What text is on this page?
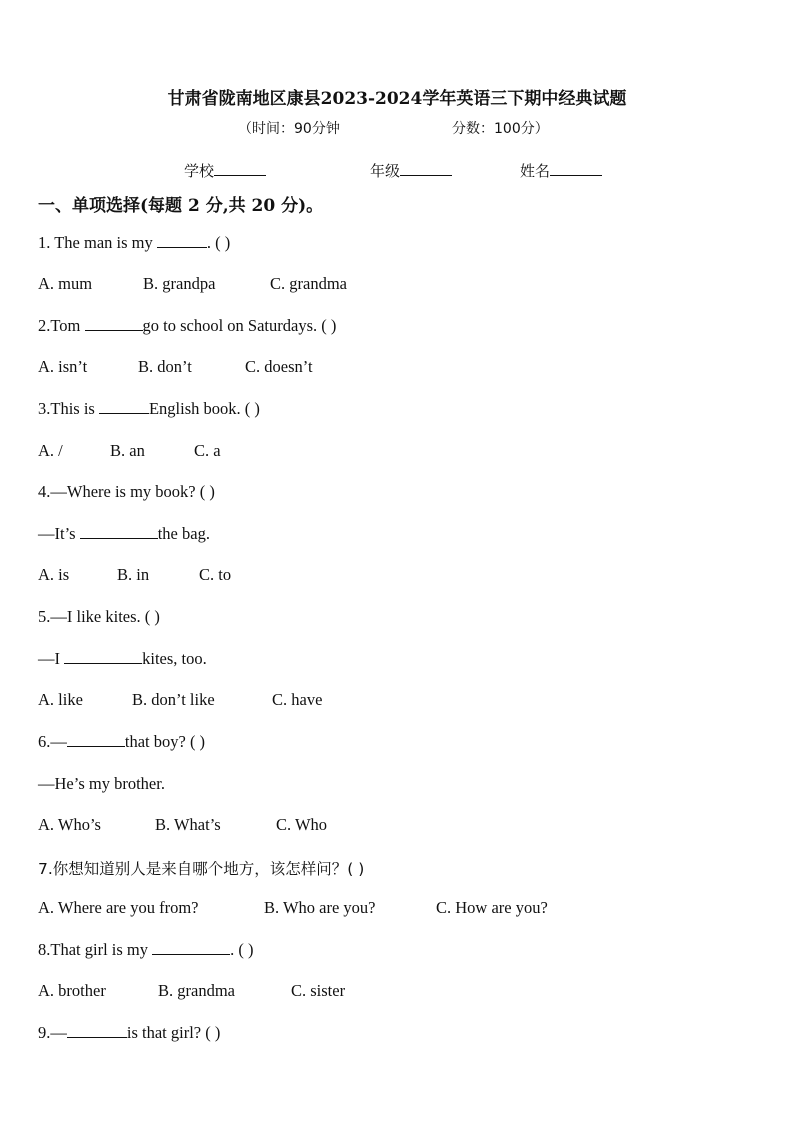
甘肃省陇南地区康县2023-2024学年英语三下期中经典试题
（时间：90分钟	分数：100分）
学校	年级	姓名
一、单项选择(每题 2 分,共 20 分)。
1. The man is my	. ( )
A. mum	B. grandpa	C. grandma
2.Tom	go to school on Saturdays. ( )
A. isn’t	B. don’t	C. doesn’t
3.This is	English book. ( )
A. /	B. an	C. a
4.—Where is my book? ( )
—It’s	the bag.
A. is	B. in	C. to
5.—I like kites. ( )
—I	kites, too.
A. like	B. don’t like	C. have
6.—	that boy? ( )
—He’s my brother.
A. Who’s	B. What’s	C. Who
7.你想知道别人是来自哪个地方，该怎样问？( )
A. Where are you from?	B. Who are you?	C. How are you?
8.That girl is my	. ( )
A. brother	B. grandma	C. sister
9.—	is that girl? ( )
